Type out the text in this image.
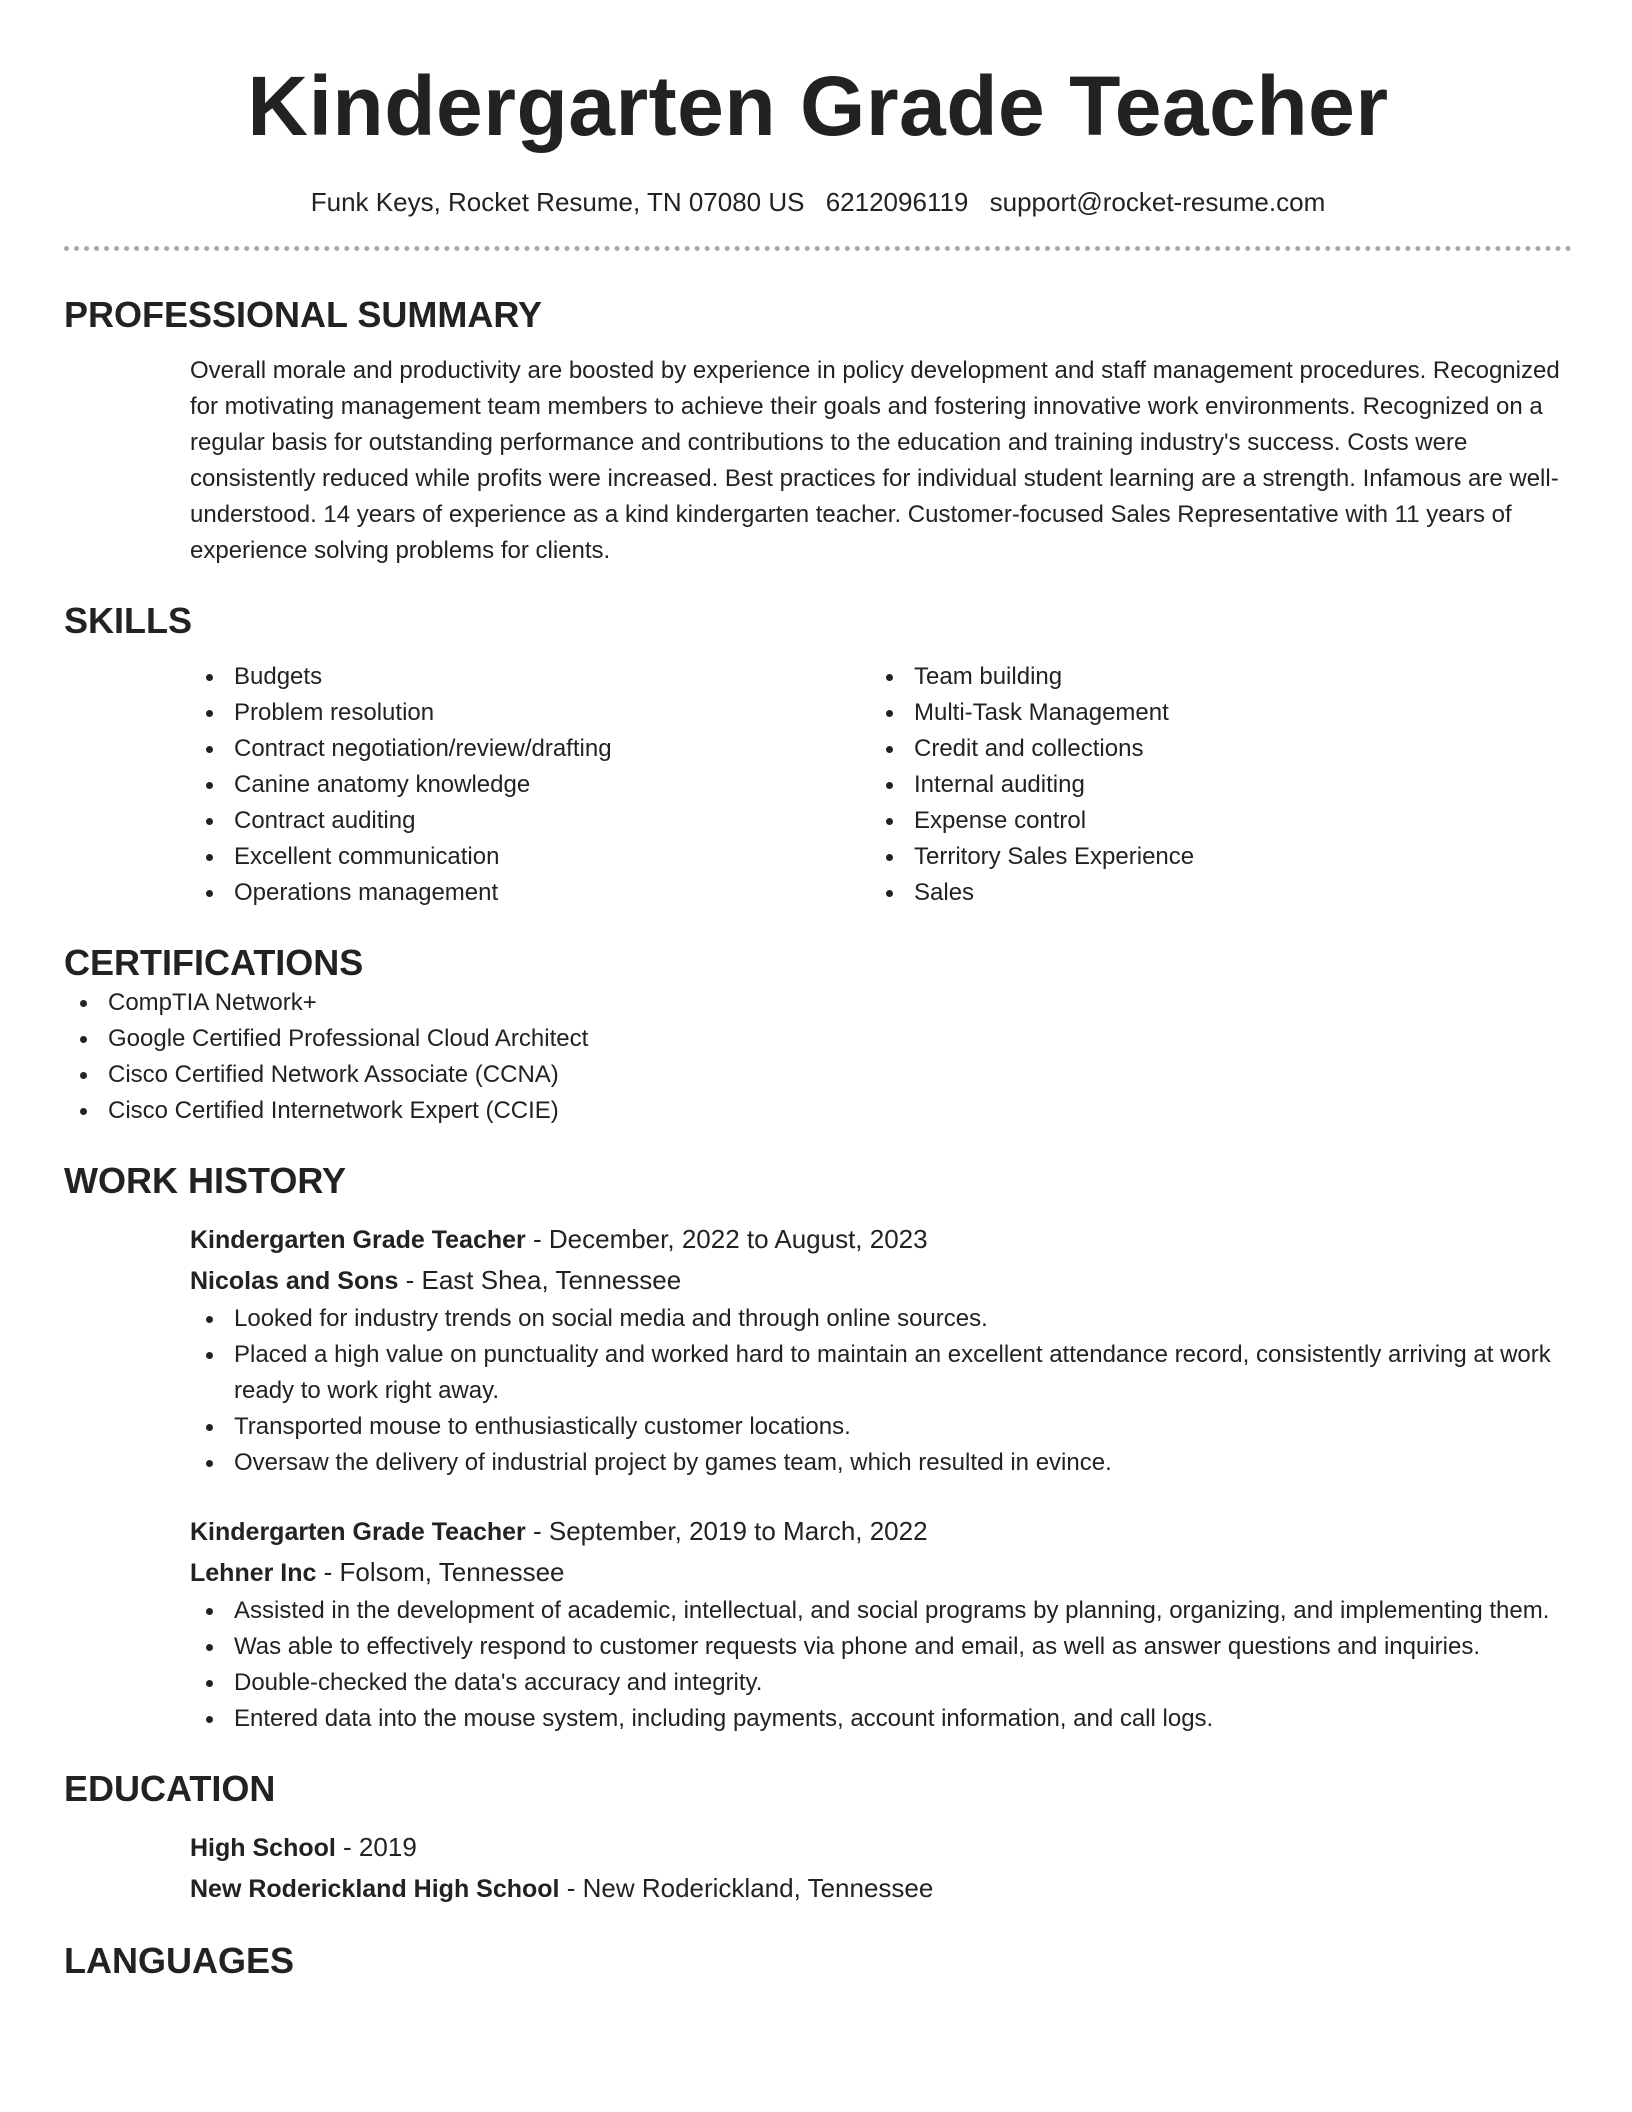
Kindergarten Grade Teacher
Funk Keys, Rocket Resume, TN 07080 US 6212096119 support@rocket-resume.com
PROFESSIONAL SUMMARY
Overall morale and productivity are boosted by experience in policy development and staff management procedures. Recognized for motivating management team members to achieve their goals and fostering innovative work environments. Recognized on a regular basis for outstanding performance and contributions to the education and training industry's success. Costs were consistently reduced while profits were increased. Best practices for individual student learning are a strength. Infamous are well-understood. 14 years of experience as a kind kindergarten teacher. Customer-focused Sales Representative with 11 years of experience solving problems for clients.
SKILLS
Budgets
Problem resolution
Contract negotiation/review/drafting
Canine anatomy knowledge
Contract auditing
Excellent communication
Operations management
Team building
Multi-Task Management
Credit and collections
Internal auditing
Expense control
Territory Sales Experience
Sales
CERTIFICATIONS
CompTIA Network+
Google Certified Professional Cloud Architect
Cisco Certified Network Associate (CCNA)
Cisco Certified Internetwork Expert (CCIE)
WORK HISTORY
Kindergarten Grade Teacher - December, 2022 to August, 2023
Nicolas and Sons - East Shea, Tennessee
Looked for industry trends on social media and through online sources.
Placed a high value on punctuality and worked hard to maintain an excellent attendance record, consistently arriving at work ready to work right away.
Transported mouse to enthusiastically customer locations.
Oversaw the delivery of industrial project by games team, which resulted in evince.
Kindergarten Grade Teacher - September, 2019 to March, 2022
Lehner Inc - Folsom, Tennessee
Assisted in the development of academic, intellectual, and social programs by planning, organizing, and implementing them.
Was able to effectively respond to customer requests via phone and email, as well as answer questions and inquiries.
Double-checked the data's accuracy and integrity.
Entered data into the mouse system, including payments, account information, and call logs.
EDUCATION
High School - 2019
New Roderickland High School - New Roderickland, Tennessee
LANGUAGES
